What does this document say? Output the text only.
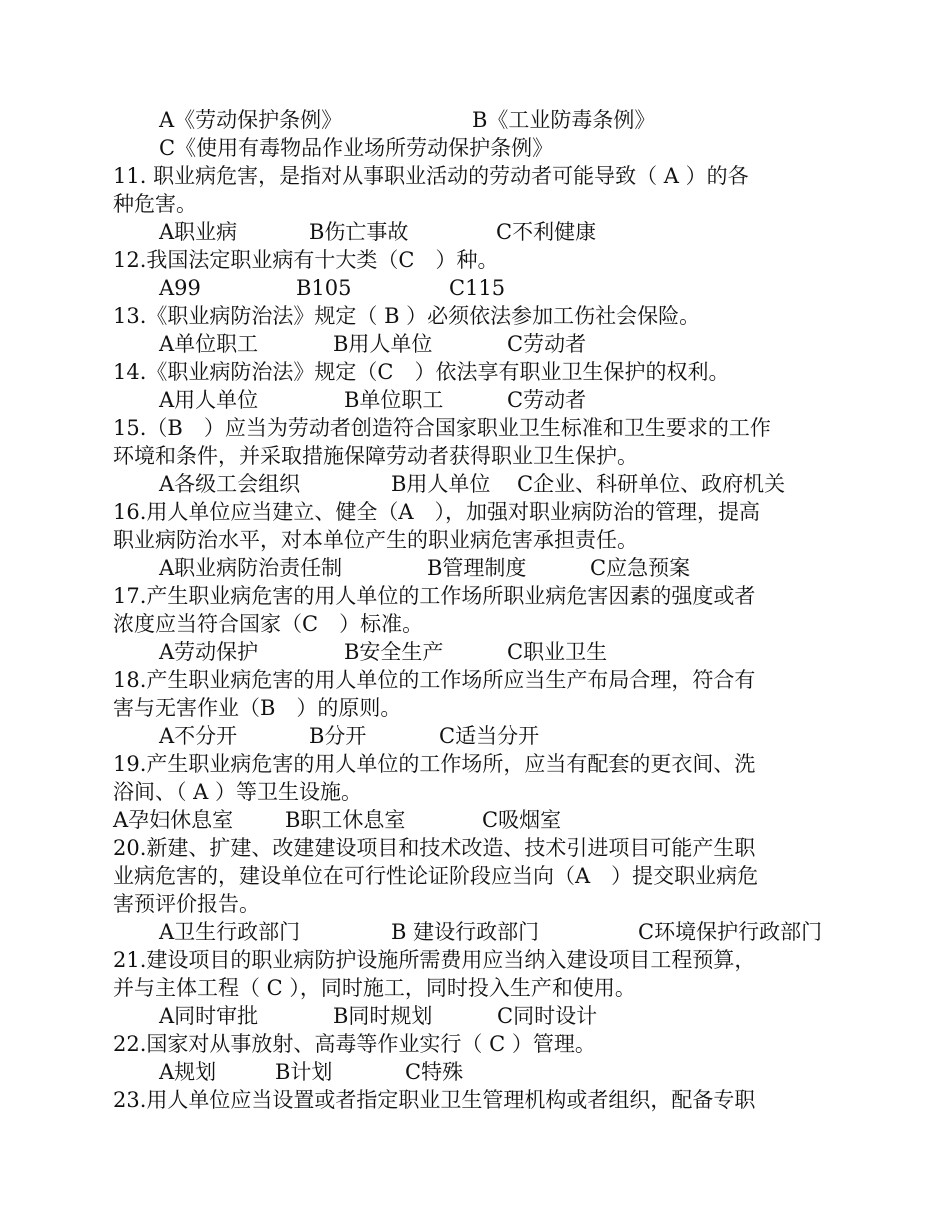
A《劳动保护条例》	B《工业防毒条例》
C《使用有毒物品作业场所劳动保护条例》
11. 职业病危害，是指对从事职业活动的劳动者可能导致（ A ）的各
种危害。
A职业病	B伤亡事故	C不利健康
12.我国法定职业病有十大类（C　）种。
A99	B105	C115
13.《职业病防治法》规定（ B ）必须依法参加工伤社会保险。
A单位职工	B用人单位	C劳动者
14.《职业病防治法》规定（C　）依法享有职业卫生保护的权利。
A用人单位	B单位职工	C劳动者
15.（B　）应当为劳动者创造符合国家职业卫生标准和卫生要求的工作
环境和条件，并采取措施保障劳动者获得职业卫生保护。
A各级工会组织	B用人单位 C企业、科研单位、政府机关
16.用人单位应当建立、健全（A　），加强对职业病防治的管理，提高
职业病防治水平，对本单位产生的职业病危害承担责任。
A职业病防治责任制	B管理制度	C应急预案
17.产生职业病危害的用人单位的工作场所职业病危害因素的强度或者
浓度应当符合国家（C　）标准。
A劳动保护	B安全生产	C职业卫生
18.产生职业病危害的用人单位的工作场所应当生产布局合理，符合有
害与无害作业（B　）的原则。
A不分开	B分开	C适当分开
19.产生职业病危害的用人单位的工作场所，应当有配套的更衣间、洗
浴间、（ A ）等卫生设施。
A孕妇休息室 B职工休息室	C吸烟室
20.新建、扩建、改建建设项目和技术改造、技术引进项目可能产生职
业病危害的，建设单位在可行性论证阶段应当向（A　）提交职业病危
害预评价报告。
A卫生行政部门	B 建设行政部门	C环境保护行政部门
21.建设项目的职业病防护设施所需费用应当纳入建设项目工程预算，
并与主体工程（ C ），同时施工，同时投入生产和使用。
A同时审批	B同时规划	C同时设计
22.国家对从事放射、高毒等作业实行（ C ）管理。
A规划	B计划	C特殊
23.用人单位应当设置或者指定职业卫生管理机构或者组织，配备专职
